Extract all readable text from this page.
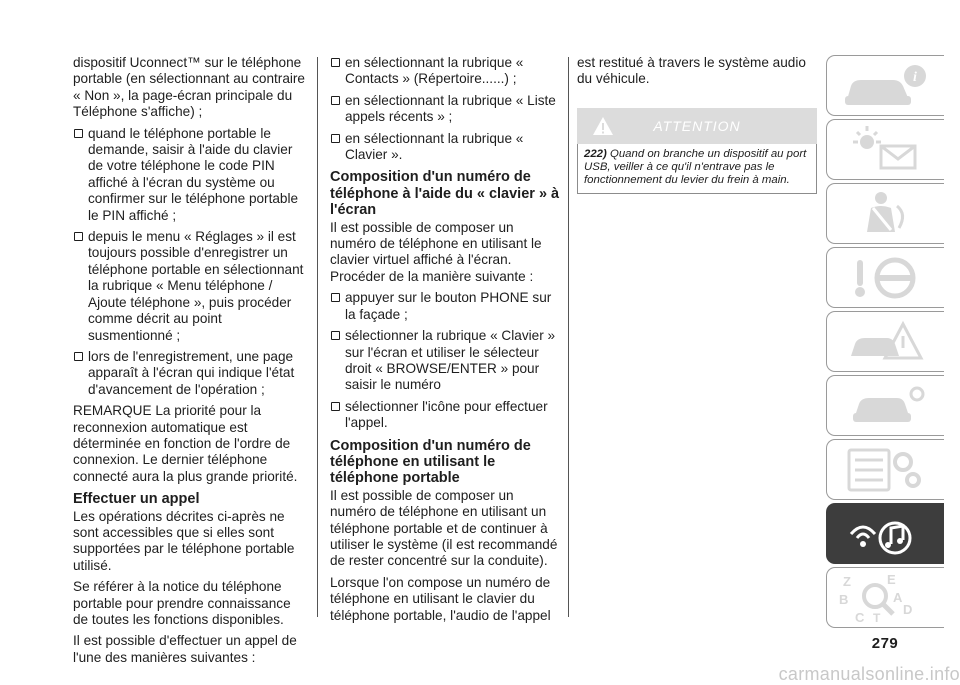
dispositif Uconnect™ sur le téléphone portable (en sélectionnant au contraire « Non », la page-écran principale du Téléphone s'affiche) ;

quand le téléphone portable le demande, saisir à l'aide du clavier de votre téléphone le code PIN affiché à l'écran du système ou confirmer sur le téléphone portable le PIN affiché ;

depuis le menu « Réglages » il est toujours possible d'enregistrer un téléphone portable en sélectionnant la rubrique « Menu téléphone / Ajoute téléphone », puis procéder comme décrit au point susmentionné ;

lors de l'enregistrement, une page apparaît à l'écran qui indique l'état d'avancement de l'opération ;

REMARQUE La priorité pour la reconnexion automatique est déterminée en fonction de l'ordre de connexion. Le dernier téléphone connecté aura la plus grande priorité.

Effectuer un appel

Les opérations décrites ci-après ne sont accessibles que si elles sont supportées par le téléphone portable utilisé.

Se référer à la notice du téléphone portable pour prendre connaissance de toutes les fonctions disponibles.

Il est possible d'effectuer un appel de l'une des manières suivantes :

en sélectionnant la rubrique « Contacts » (Répertoire......) ;

en sélectionnant la rubrique « Liste appels récents » ;

en sélectionnant la rubrique « Clavier ».

Composition d'un numéro de téléphone à l'aide du « clavier » à l'écran

Il est possible de composer un numéro de téléphone en utilisant le clavier virtuel affiché à l'écran. Procéder de la manière suivante :

appuyer sur le bouton PHONE sur la façade ;

sélectionner la rubrique « Clavier » sur l'écran et utiliser le sélecteur droit « BROWSE/ENTER » pour saisir le numéro

sélectionner l'icône pour effectuer l'appel.

Composition d'un numéro de téléphone en utilisant le téléphone portable

Il est possible de composer un numéro de téléphone en utilisant un téléphone portable et de continuer à utiliser le système (il est recommandé de rester concentré sur la conduite).

Lorsque l'on compose un numéro de téléphone en utilisant le clavier du téléphone portable, l'audio de l'appel

est restitué à travers le système audio du véhicule.

ATTENTION
222) Quand on branche un dispositif au port USB, veiller à ce qu'il n'entrave pas le fonctionnement du levier du frein à main.
i
Z	E
B	A
D
C T
279
carmanualsonline.info
